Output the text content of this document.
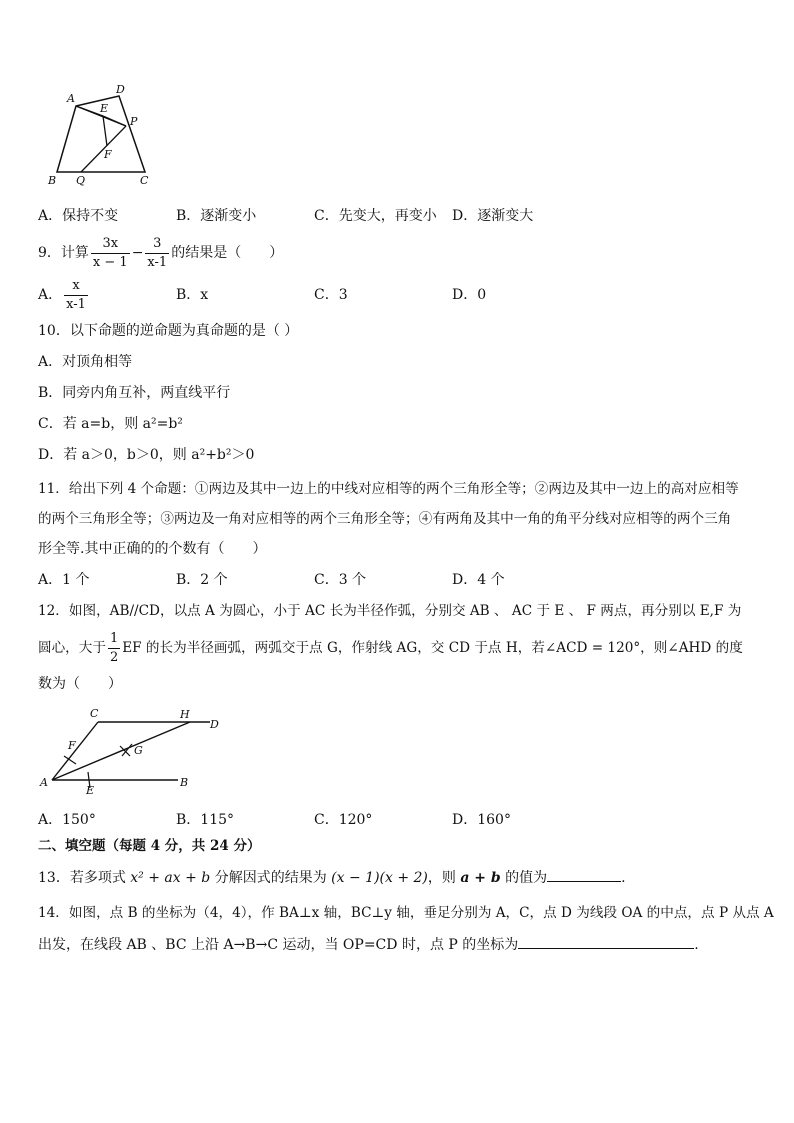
A
D
E
P
F
B Q	C
A．保持不变	B．逐渐变小	C．先变大，再变小 D．逐渐变大
9．计算 $\frac{3x}{x - 1} - \frac{3}{x-1}$ 的结果是（　　）
A． $\frac{x}{x-1}$	B．x	C．3	D．0
10．以下命题的逆命题为真命题的是（ ）
A．对顶角相等
B．同旁内角互补，两直线平行
C．若 a=b，则 a²=b²
D．若 a＞0，b＞0，则 a²+b²＞0
11．给出下列 4 个命题：①两边及其中一边上的中线对应相等的两个三角形全等；②两边及其中一边上的高对应相等
的两个三角形全等；③两边及一角对应相等的两个三角形全等；④有两角及其中一角的角平分线对应相等的两个三角
形全等.其中正确的的个数有（　　）
A．1 个	B．2 个	C．3 个	D．4 个
12．如图，AB//CD，以点 A 为圆心，小于 AC 长为半径作弧，分别交 AB 、 AC 于 E 、 F 两点，再分别以 E,F 为
圆心，大于 $\frac{1}{2}$ EF 的长为半径画弧，两弧交于点 G，作射线 AG，交 CD 于点 H，若∠ACD = 120°，则∠AHD 的度
数为（　　）
C	H
D
F	G
A
E
B
A．150°	B．115°	C．120°	D．160°
二、填空题（每题 4 分，共 24 分）
13．若多项式 x² + ax + b 分解因式的结果为 (x − 1)(x + 2)，则 a + b 的值为	.
14．如图，点 B 的坐标为（4，4），作 BA⊥x 轴，BC⊥y 轴，垂足分别为 A，C，点 D 为线段 OA 的中点，点 P 从点 A
出发，在线段 AB 、BC 上沿 A→B→C 运动，当 OP=CD 时，点 P 的坐标为	.
